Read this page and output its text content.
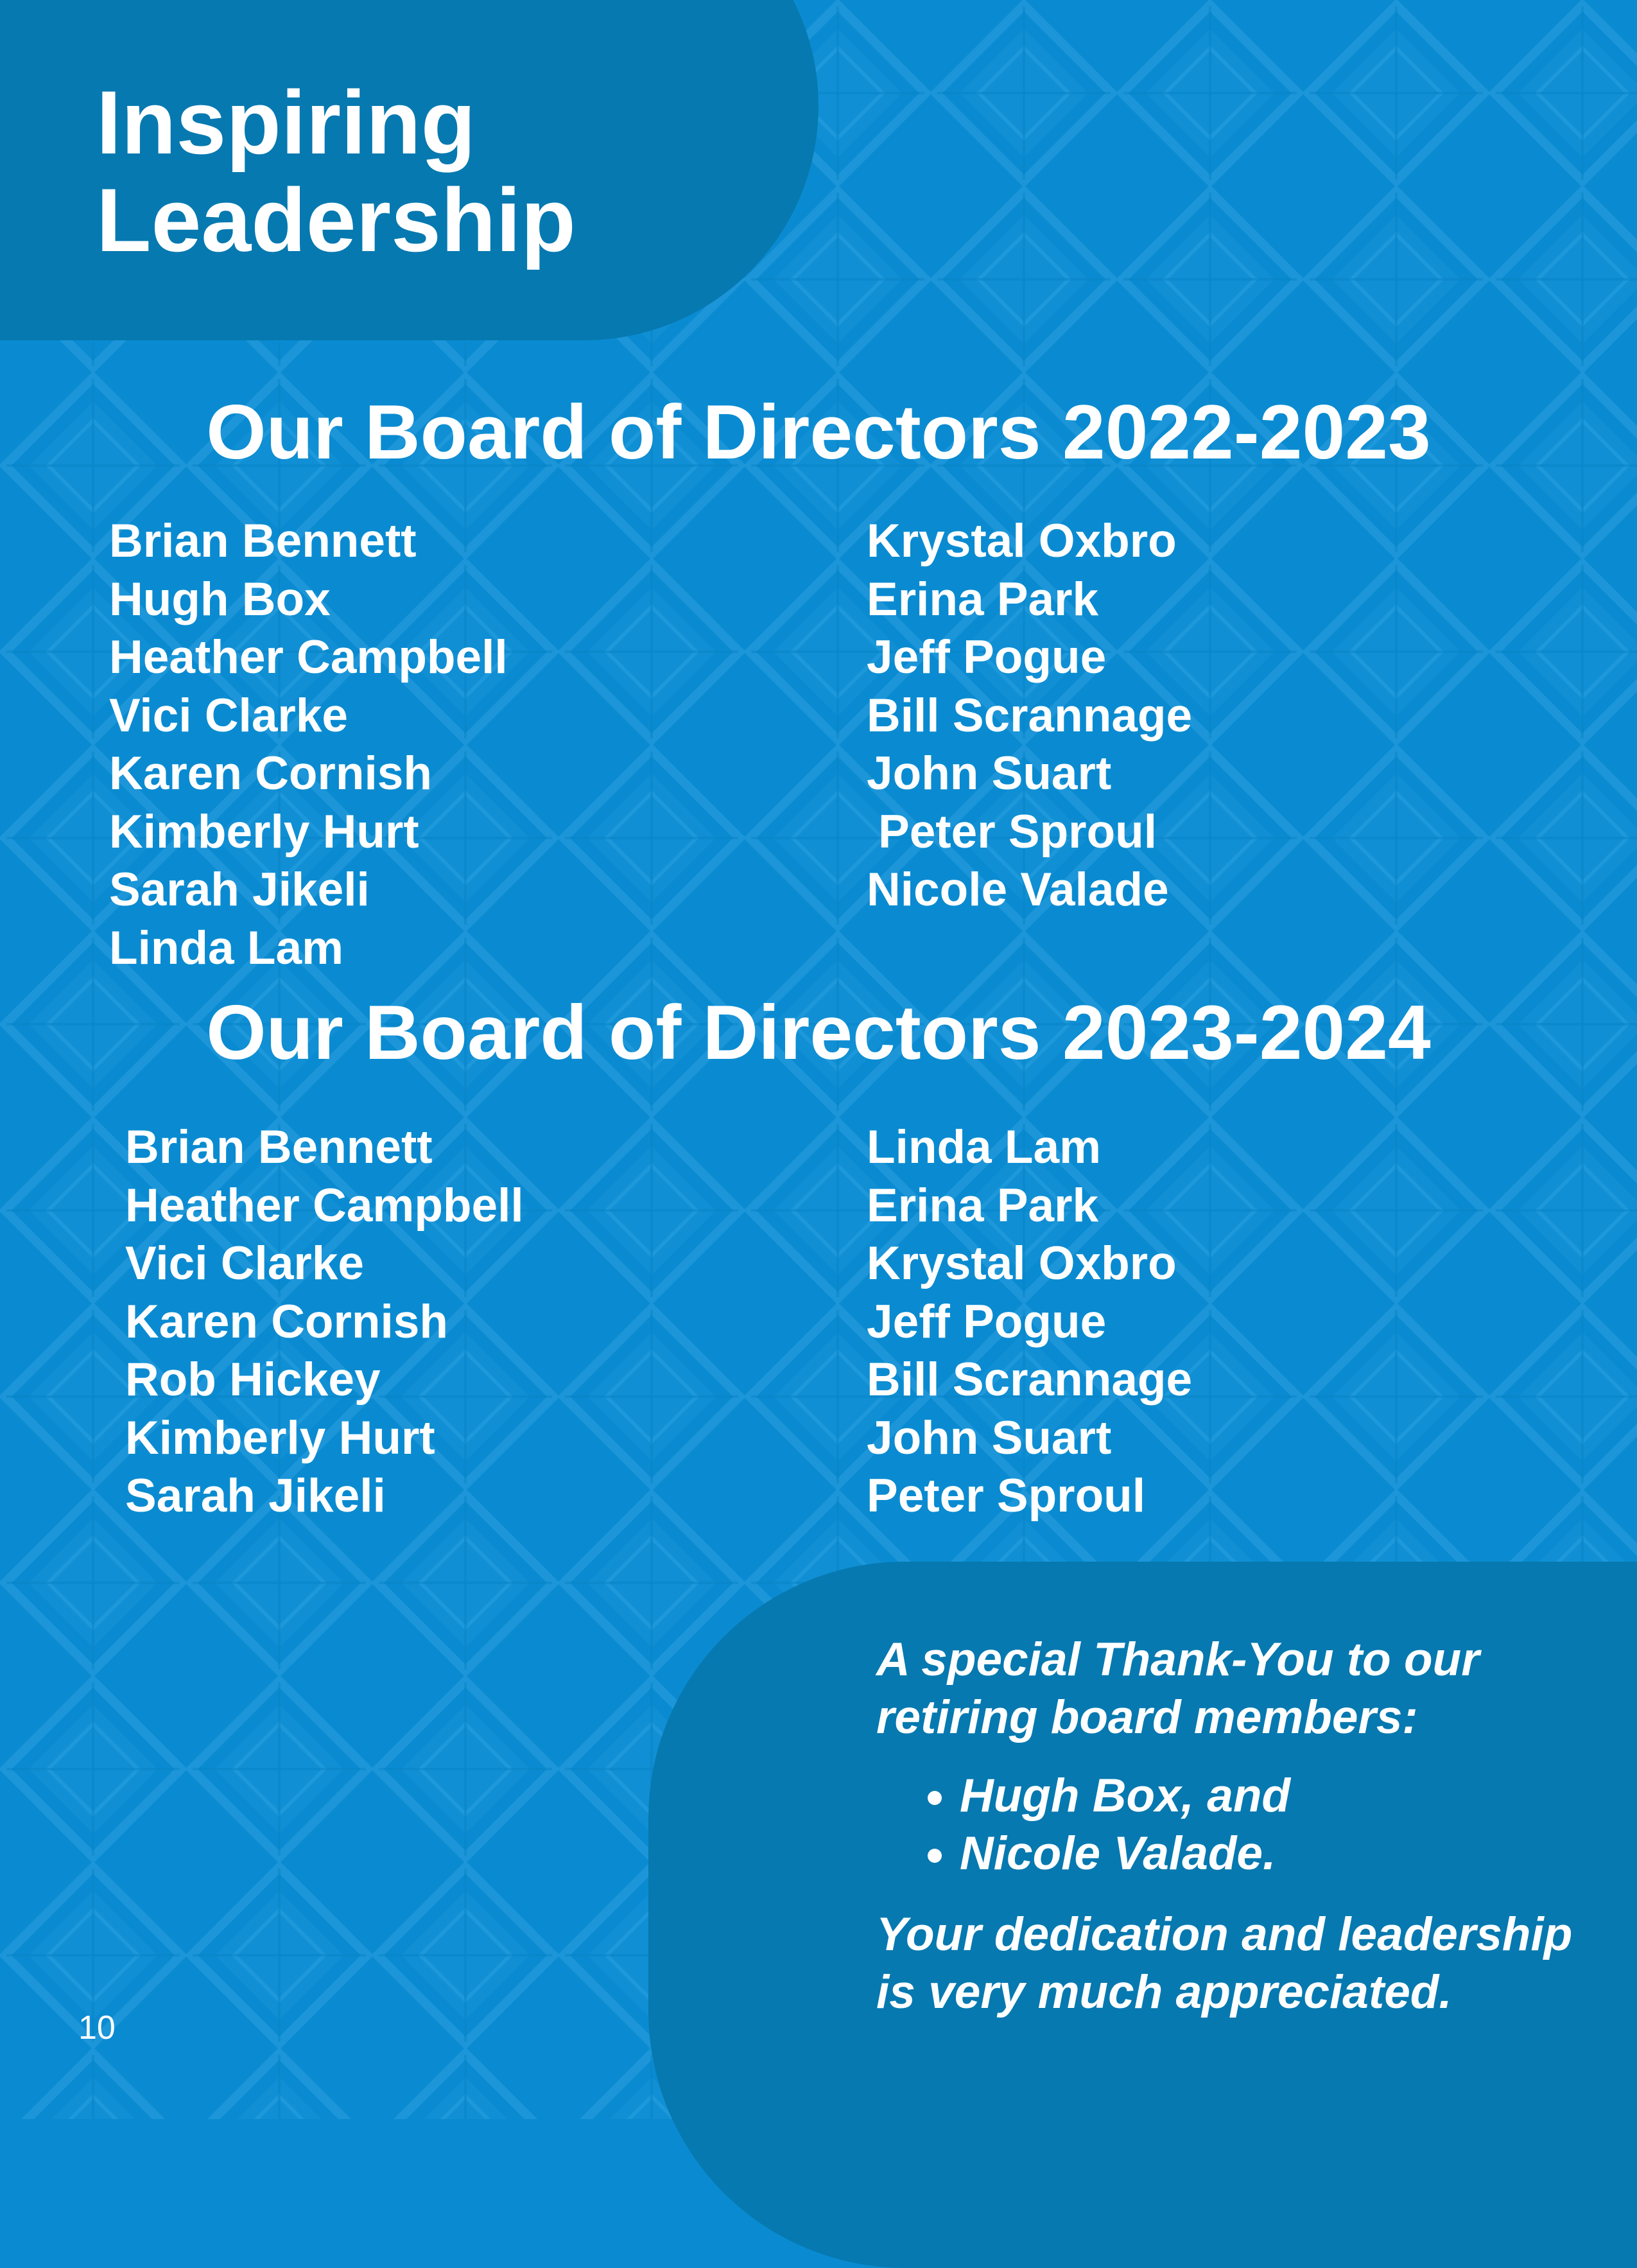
Inspiring
Leadership
Our Board of Directors 2022-2023
Brian Bennett
Hugh Box
Heather Campbell
Vici Clarke
Karen Cornish
Kimberly Hurt
Sarah Jikeli
Linda Lam
Krystal Oxbro
Erina Park
Jeff Pogue
Bill Scrannage
John Suart
Peter Sproul
Nicole Valade
Our Board of Directors 2023-2024
Brian Bennett
Heather Campbell
Vici Clarke
Karen Cornish
Rob Hickey
Kimberly Hurt
Sarah Jikeli
Linda Lam
Erina Park
Krystal Oxbro
Jeff Pogue
Bill Scrannage
John Suart
Peter Sproul

A special Thank-You to our retiring board members:

• Hugh Box, and
• Nicole Valade.

Your dedication and leadership is very much appreciated.

10
